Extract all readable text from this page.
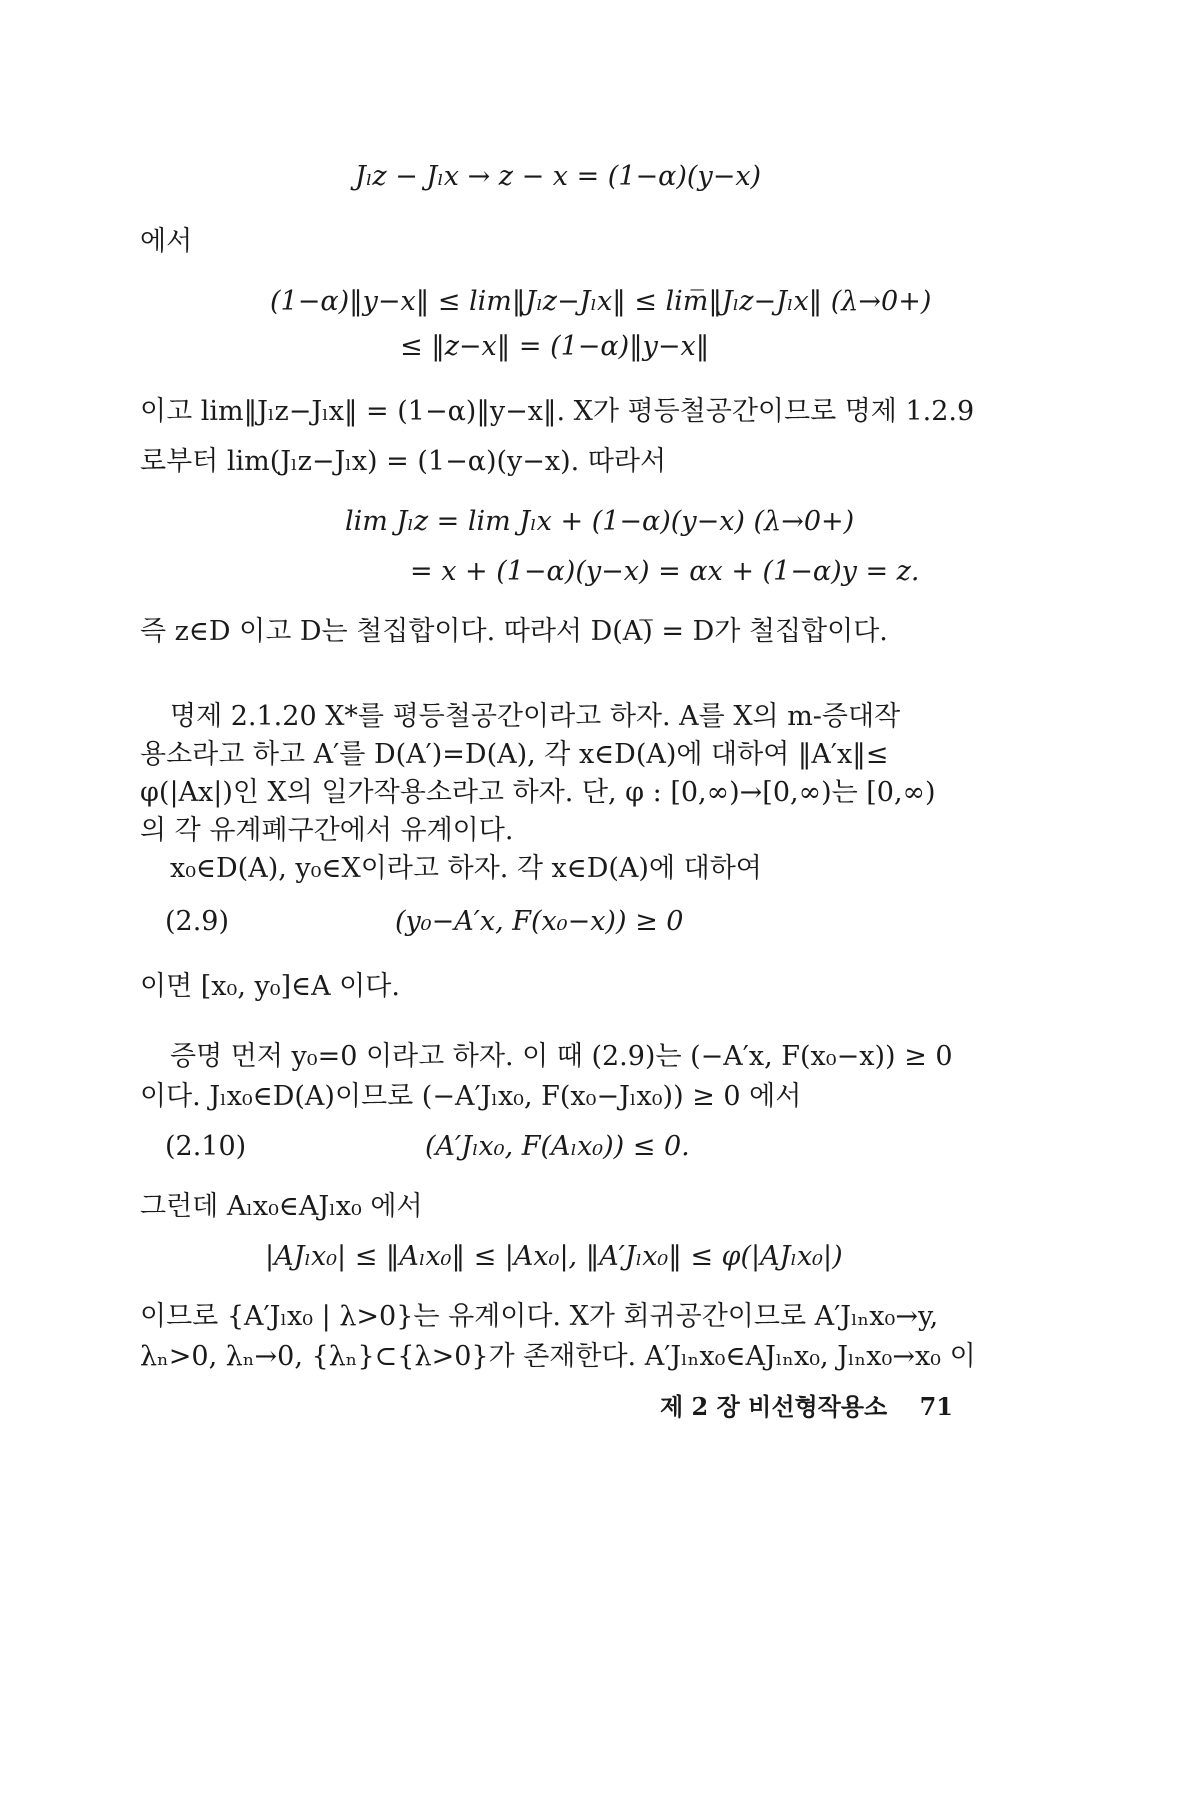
Jₗz − Jₗx → z − x = (1−α)(y−x)
에서
(1−α)‖y−x‖ ≤ lim‖Jₗz−Jₗx‖ ≤ lim̅‖Jₗz−Jₗx‖ (λ→0+)
≤ ‖z−x‖ = (1−α)‖y−x‖
이고 lim‖Jₗz−Jₗx‖ = (1−α)‖y−x‖. X가 평등철공간이므로 명제 1.2.9
로부터 lim(Jₗz−Jₗx) = (1−α)(y−x). 따라서
lim Jₗz = lim Jₗx + (1−α)(y−x) (λ→0+)
= x + (1−α)(y−x) = αx + (1−α)y = z.
즉 z∈D 이고 D는 철집합이다. 따라서 D(A)̅ = D가 철집합이다.
명제 2.1.20 X*를 평등철공간이라고 하자. A를 X의 m-증대작
용소라고 하고 A′를 D(A′)=D(A), 각 x∈D(A)에 대하여 ‖A′x‖≤
φ(|Ax|)인 X의 일가작용소라고 하자. 단, φ : [0,∞)→[0,∞)는 [0,∞)
의 각 유계폐구간에서 유계이다.
x₀∈D(A), y₀∈X이라고 하자. 각 x∈D(A)에 대하여
(2.9)	(y₀−A′x, F(x₀−x)) ≥ 0
이면 [x₀, y₀]∈A 이다.
증명 먼저 y₀=0 이라고 하자. 이 때 (2.9)는 (−A′x, F(x₀−x)) ≥ 0
이다. Jₗx₀∈D(A)이므로 (−A′Jₗx₀, F(x₀−Jₗx₀)) ≥ 0 에서
(2.10)	(A′Jₗx₀, F(Aₗx₀)) ≤ 0.
그런데 Aₗx₀∈AJₗx₀ 에서
|AJₗx₀| ≤ ‖Aₗx₀‖ ≤ |Ax₀|, ‖A′Jₗx₀‖ ≤ φ(|AJₗx₀|)
이므로 {A′Jₗx₀ | λ>0}는 유계이다. X가 회귀공간이므로 A′Jₗₙx₀→y,
λₙ>0, λₙ→0, {λₙ}⊂{λ>0}가 존재한다. A′Jₗₙx₀∈AJₗₙx₀, Jₗₙx₀→x₀ 이
제 2 장 비선형작용소 71
